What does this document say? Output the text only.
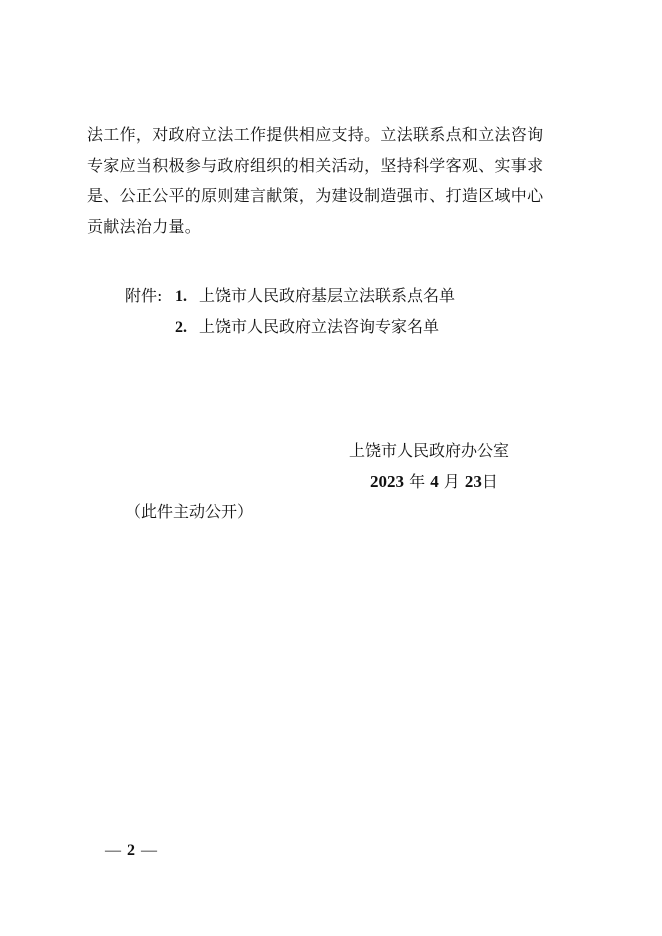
法工作，对政府立法工作提供相应支持。立法联系点和立法咨询
专家应当积极参与政府组织的相关活动，坚持科学客观、实事求
是、公正公平的原则建言献策，为建设制造强市、打造区域中心
贡献法治力量。

附件: 1. 上饶市人民政府基层立法联系点名单
2. 上饶市人民政府立法咨询专家名单
上饶市人民政府办公室
2023 年 4 月 23日
（此件主动公开）
— 2 —
